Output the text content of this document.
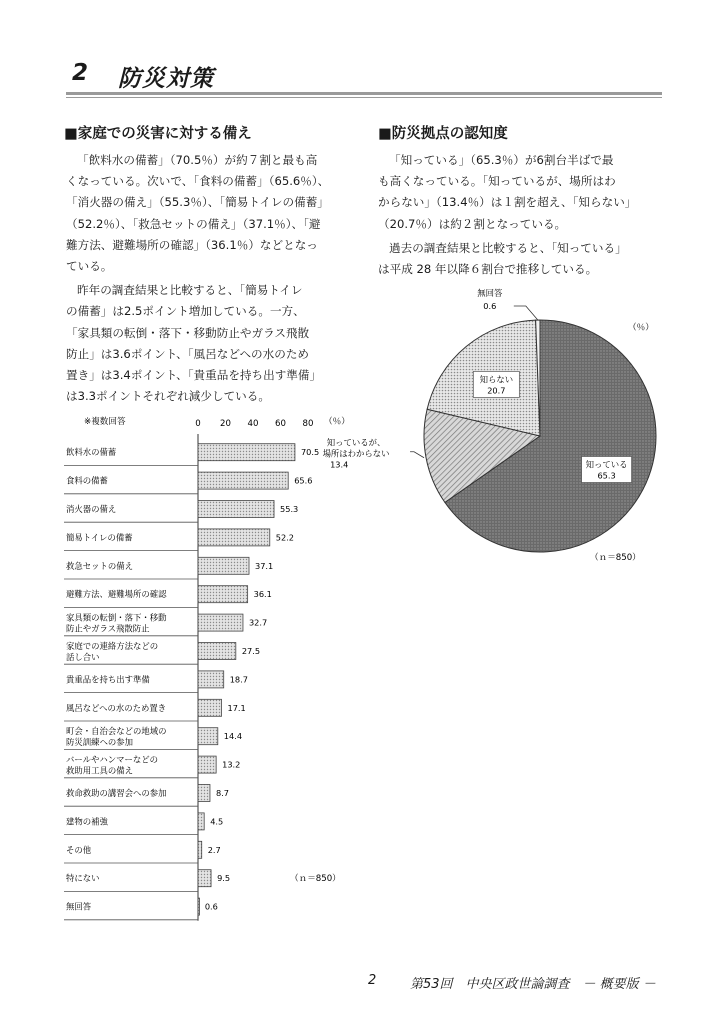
2 防災対策
■家庭での災害に対する備え
「飲料水の備蓄」（70.5％）が約７割と最も高
くなっている。次いで、「食料の備蓄」（65.6％）、
「消火器の備え」（55.3％）、「簡易トイレの備蓄」
（52.2％）、「救急セットの備え」（37.1％）、「避
難方法、避難場所の確認」（36.1％）などとなっ
ている。
昨年の調査結果と比較すると、「簡易トイレ
の備蓄」は2.5ポイント増加している。一方、
「家具類の転倒・落下・移動防止やガラス飛散
防止」は3.6ポイント、「風呂などへの水のため
置き」は3.4ポイント、「貴重品を持ち出す準備」
は3.3ポイントそれぞれ減少している。
■防災拠点の認知度
「知っている」（65.3％）が6割台半ばで最
も高くなっている。「知っているが、場所はわ
からない」（13.4％）は１割を超え、「知らない」
（20.7％）は約２割となっている。
過去の調査結果と比較すると、「知っている」
は平成 28 年以降６割台で推移している。
※複数回答	（％）
0 20 40 60 80
飲料水の備蓄	70.5
食料の備蓄	65.6
消火器の備え	55.3
簡易トイレの備蓄	52.2
救急セットの備え	37.1
避難方法、避難場所の確認	36.1
家具類の転倒・落下・移動
防止やガラス飛散防止
32.7
家庭での連絡方法などの
話し合い
27.5
貴重品を持ち出す準備	18.7
風呂などへの水のため置き	17.1
町会・自治会などの地域の
防災訓練への参加
14.4
バールやハンマーなどの
救助用工具の備え
13.2
救命救助の講習会への参加	8.7
建物の補強	4.5
その他	2.7
特にない	9.5
無回答	0.6
（ｎ＝850）
（％）
（ｎ＝850）
知っている
65.3
知らない
20.7
知っているが、
場所はわからない
13.4
無回答
0.6
2	第53回　中央区政世論調査　－ 概要版 －
